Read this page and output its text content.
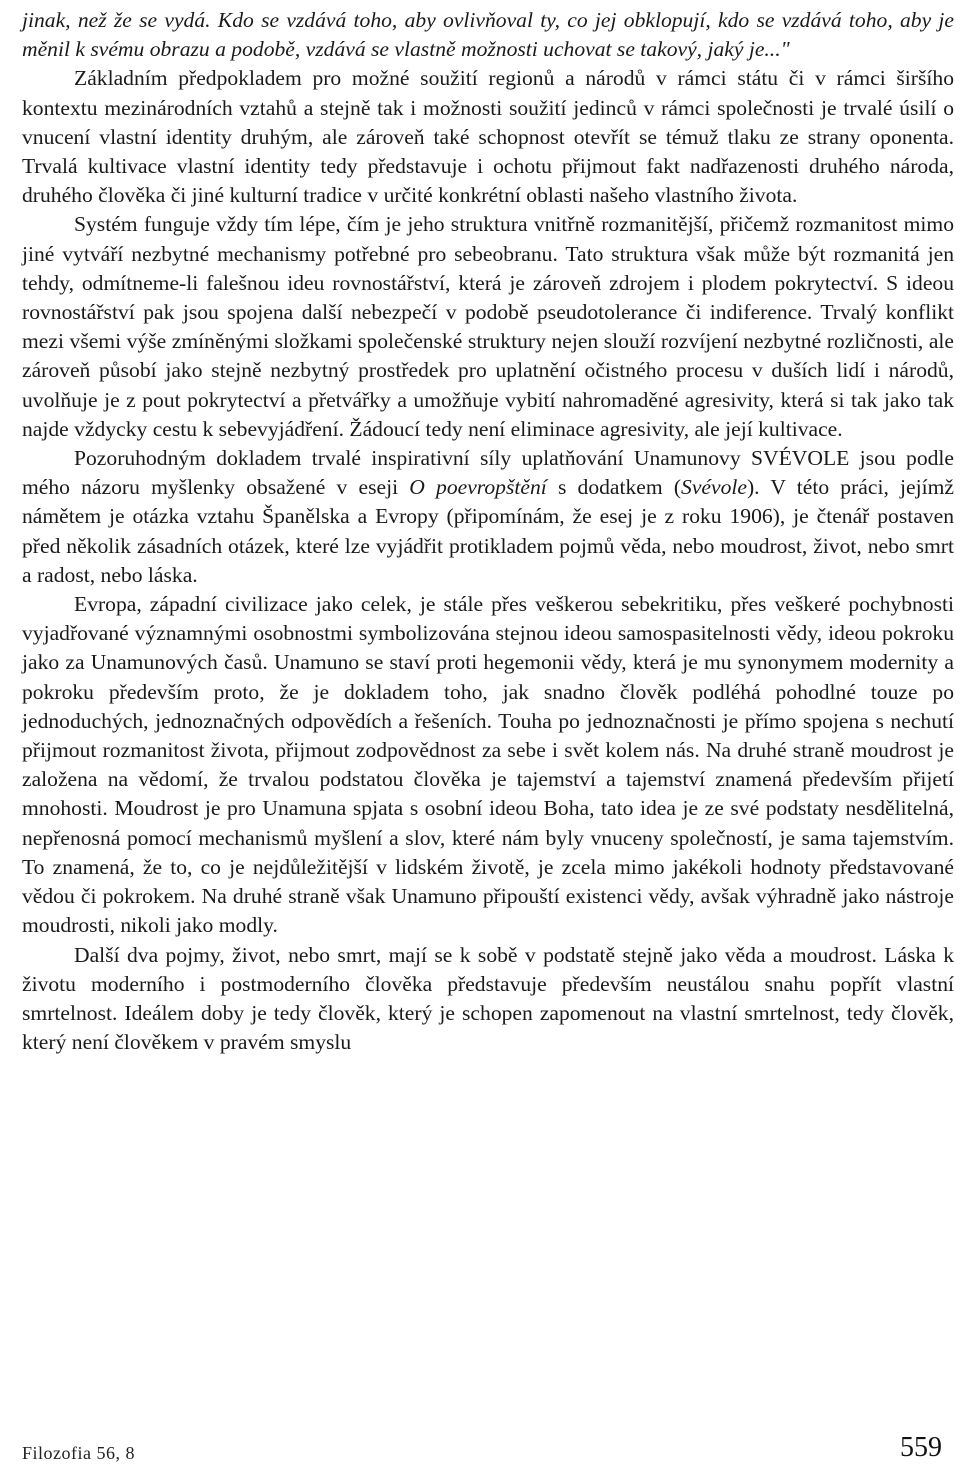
jinak, než že se vydá. Kdo se vzdává toho, aby ovlivňoval ty, co jej obklopují, kdo se vzdává toho, aby je měnil k svému obrazu a podobě, vzdává se vlastně možnosti uchovat se takový, jaký je..."

Základním předpokladem pro možné soužití regionů a národů v rámci státu či v rámci širšího kontextu mezinárodních vztahů a stejně tak i možnosti soužití jedinců v rámci společnosti je trvalé úsilí o vnucení vlastní identity druhým, ale zároveň také schopnost otevřít se témuž tlaku ze strany oponenta. Trvalá kultivace vlastní identity tedy představuje i ochotu přijmout fakt nadřazenosti druhého národa, druhého člověka či jiné kulturní tradice v určité konkrétní oblasti našeho vlastního života.

Systém funguje vždy tím lépe, čím je jeho struktura vnitřně rozmanitější, přičemž rozmanitost mimo jiné vytváří nezbytné mechanismy potřebné pro sebeobranu. Tato struktura však může být rozmanitá jen tehdy, odmítneme-li falešnou ideu rovnostářství, která je zároveň zdrojem i plodem pokrytectví. S ideou rovnostářství pak jsou spojena další nebezpečí v podobě pseudotolerance či indiference. Trvalý konflikt mezi všemi výše zmíněnými složkami společenské struktury nejen slouží rozvíjení nezbytné rozličnosti, ale zároveň působí jako stejně nezbytný prostředek pro uplatnění očistného procesu v duších lidí i národů, uvolňuje je z pout pokrytectví a přetvářky a umožňuje vybití nahromaděné agresivity, která si tak jako tak najde vždycky cestu k sebevyjádření. Žádoucí tedy není eliminace agresivity, ale její kultivace.

Pozoruhodným dokladem trvalé inspirativní síly uplatňování Unamunovy SVÉVOLE jsou podle mého názoru myšlenky obsažené v eseji O poevropštění s dodatkem (Svévole). V této práci, jejímž námětem je otázka vztahu Španělska a Evropy (připomínám, že esej je z roku 1906), je čtenář postaven před několik zásadních otázek, které lze vyjádřit protikladem pojmů věda, nebo moudrost, život, nebo smrt a radost, nebo láska.

Evropa, západní civilizace jako celek, je stále přes veškerou sebekritiku, přes veškeré pochybnosti vyjadřované významnými osobnostmi symbolizována stejnou ideou samospasitelnosti vědy, ideou pokroku jako za Unamunových časů. Unamuno se staví proti hegemonii vědy, která je mu synonymem modernity a pokroku především proto, že je dokladem toho, jak snadno člověk podléhá pohodlné touze po jednoduchých, jednoznačných odpovědích a řešeních. Touha po jednoznačnosti je přímo spojena s nechutí přijmout rozmanitost života, přijmout zodpovědnost za sebe i svět kolem nás. Na druhé straně moudrost je založena na vědomí, že trvalou podstatou člověka je tajemství a tajemství znamená především přijetí mnohosti. Moudrost je pro Unamuna spjata s osobní ideou Boha, tato idea je ze své podstaty nesdělitelná, nepřenosná pomocí mechanismů myšlení a slov, které nám byly vnuceny společností, je sama tajemstvím. To znamená, že to, co je nejdůležitější v lidském životě, je zcela mimo jakékoli hodnoty představované vědou či pokrokem. Na druhé straně však Unamuno připouští existenci vědy, avšak výhradně jako nástroje moudrosti, nikoli jako modly.

Další dva pojmy, život, nebo smrt, mají se k sobě v podstatě stejně jako věda a moudrost. Láska k životu moderního i postmoderního člověka představuje především neustálou snahu popřít vlastní smrtelnost. Ideálem doby je tedy člověk, který je schopen zapomenout na vlastní smrtelnost, tedy člověk, který není člověkem v pravém smyslu

Filozofia 56, 8	559
